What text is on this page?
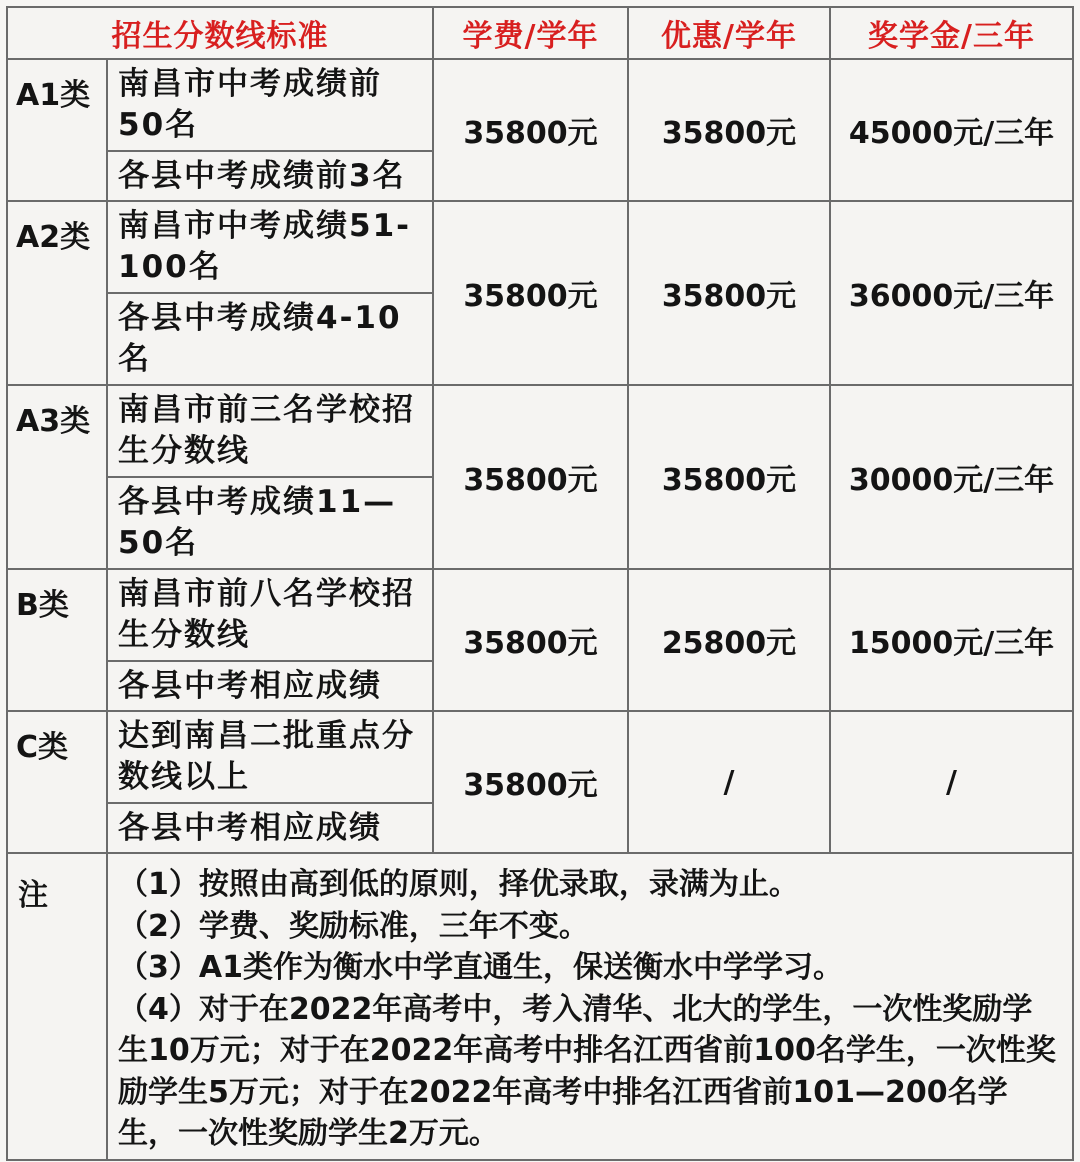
招生分数线标准		学费/学年	优惠/学年	奖学金/三年
A1类	南昌市中考成绩前50名	35800元	35800元	45000元/三年
	各县中考成绩前3名			
A2类	南昌市中考成绩51-100名	35800元	35800元	36000元/三年
	各县中考成绩4-10名			
A3类	南昌市前三名学校招生分数线	35800元	35800元	30000元/三年
	各县中考成绩11—50名			
B类	南昌市前八名学校招生分数线	35800元	25800元	15000元/三年
	各县中考相应成绩			
C类	达到南昌二批重点分数线以上	35800元	/	/
	各县中考相应成绩			
注	（1）按照由高到低的原则，择优录取，录满为止。
（2）学费、奖励标准，三年不变。
（3）A1类作为衡水中学直通生，保送衡水中学学习。
（4）对于在2022年高考中，考入清华、北大的学生，一次性奖励学生10万元；对于在2022年高考中排名江西省前100名学生，一次性奖励学生5万元；对于在2022年高考中排名江西省前101—200名学生，一次性奖励学生2万元。			
